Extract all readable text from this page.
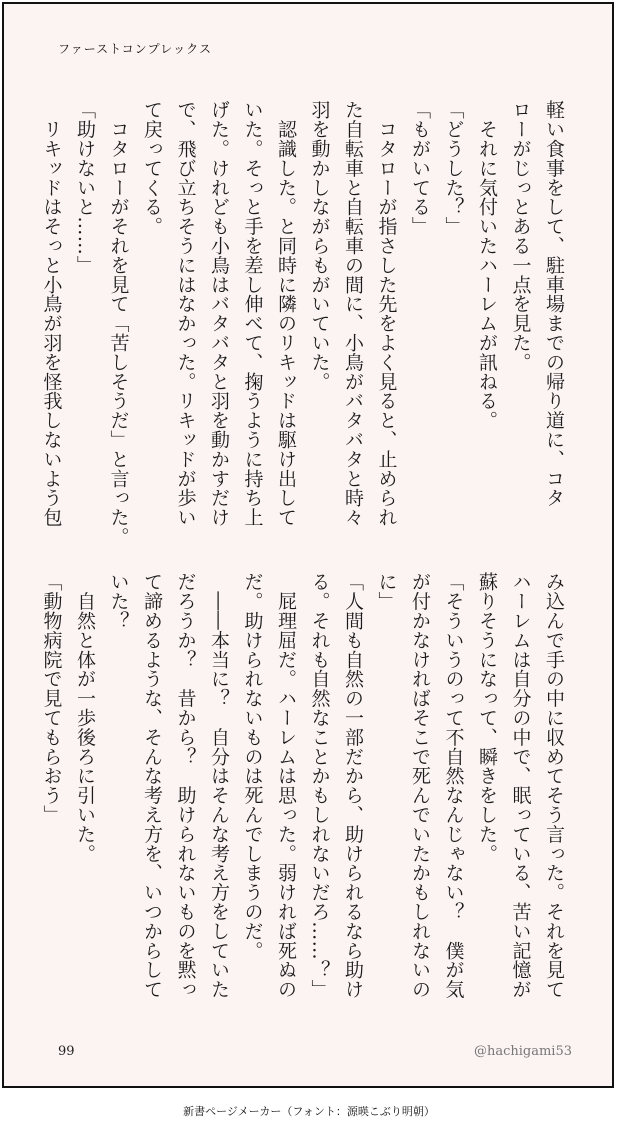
ファーストコンプレックス
軽い食事をして、駐車場までの帰り道に、コタ
ローがじっとある一点を見た。
　それに気付いたハーレムが訊ねる。
「どうした？」
「もがいてる」
　コタローが指さした先をよく見ると、止められ
た自転車と自転車の間に、小鳥がバタバタと時々
羽を動かしながらもがいていた。
　認識した。と同時に隣のリキッドは駆け出して
いた。そっと手を差し伸べて、掬うように持ち上
げた。けれども小鳥はバタバタと羽を動かすだけ
で、飛び立ちそうにはなかった。リキッドが歩い
て戻ってくる。
　コタローがそれを見て「苦しそうだ」と言った。
「助けないと……」
　リキッドはそっと小鳥が羽を怪我しないよう包
み込んで手の中に収めてそう言った。それを見て
ハーレムは自分の中で、眠っている、苦い記憶が
蘇りそうになって、瞬きをした。
「そういうのって不自然なんじゃない？　僕が気
が付かなければそこで死んでいたかもしれないの
に」
「人間も自然の一部だから、助けられるなら助け
る。それも自然なことかもしれないだろ……？」
　屁理屈だ。ハーレムは思った。弱ければ死ぬの
だ。助けられないものは死んでしまうのだ。
　――本当に？　自分はそんな考え方をしていた
だろうか？　昔から？　助けられないものを黙っ
て諦めるような、そんな考え方を、いつからして
いた？
　自然と体が一歩後ろに引いた。
「動物病院で見てもらおう」
99	@hachigami53
新書ページメーカー（フォント：源暎こぶり明朝）
